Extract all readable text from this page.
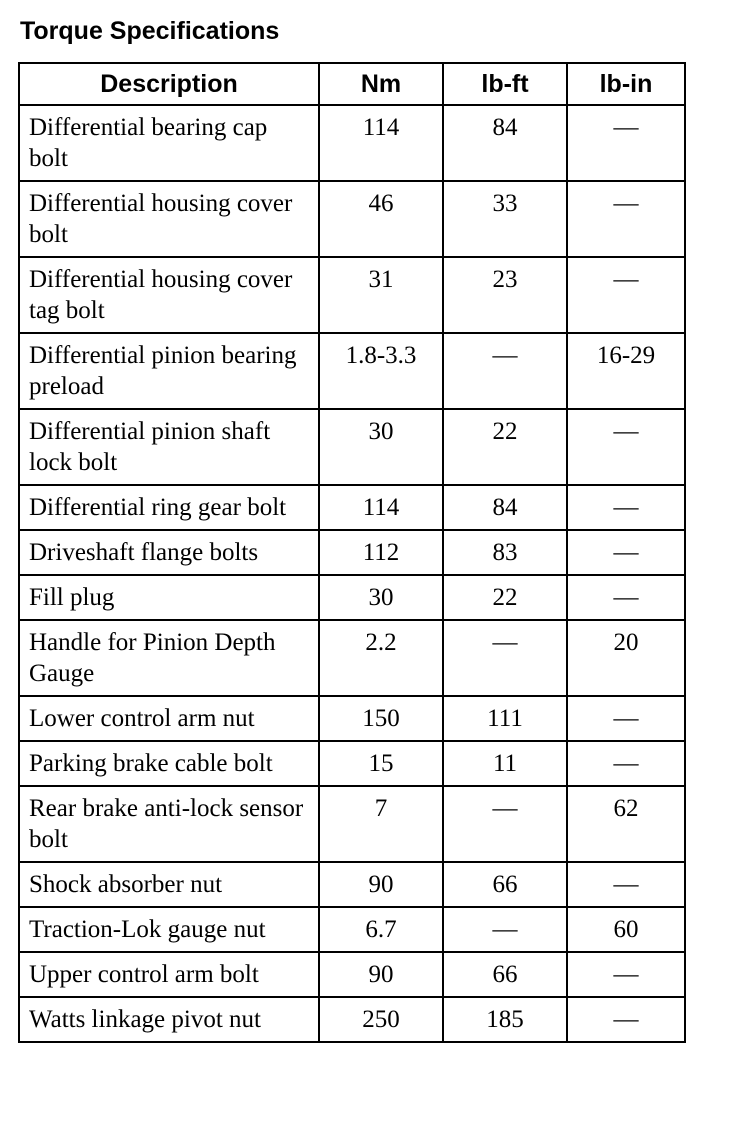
Torque Specifications
Description	Nm	lb-ft	lb-in
Differential bearing cap bolt	114	84	—
Differential housing cover bolt	46	33	—
Differential housing cover tag bolt	31	23	—
Differential pinion bearing preload	1.8-3.3	—	16-29
Differential pinion shaft lock bolt	30	22	—
Differential ring gear bolt	114	84	—
Driveshaft flange bolts	112	83	—
Fill plug	30	22	—
Handle for Pinion Depth Gauge	2.2	—	20
Lower control arm nut	150	111	—
Parking brake cable bolt	15	11	—
Rear brake anti-lock sensor bolt	7	—	62
Shock absorber nut	90	66	—
Traction-Lok gauge nut	6.7	—	60
Upper control arm bolt	90	66	—
Watts linkage pivot nut	250	185	—
